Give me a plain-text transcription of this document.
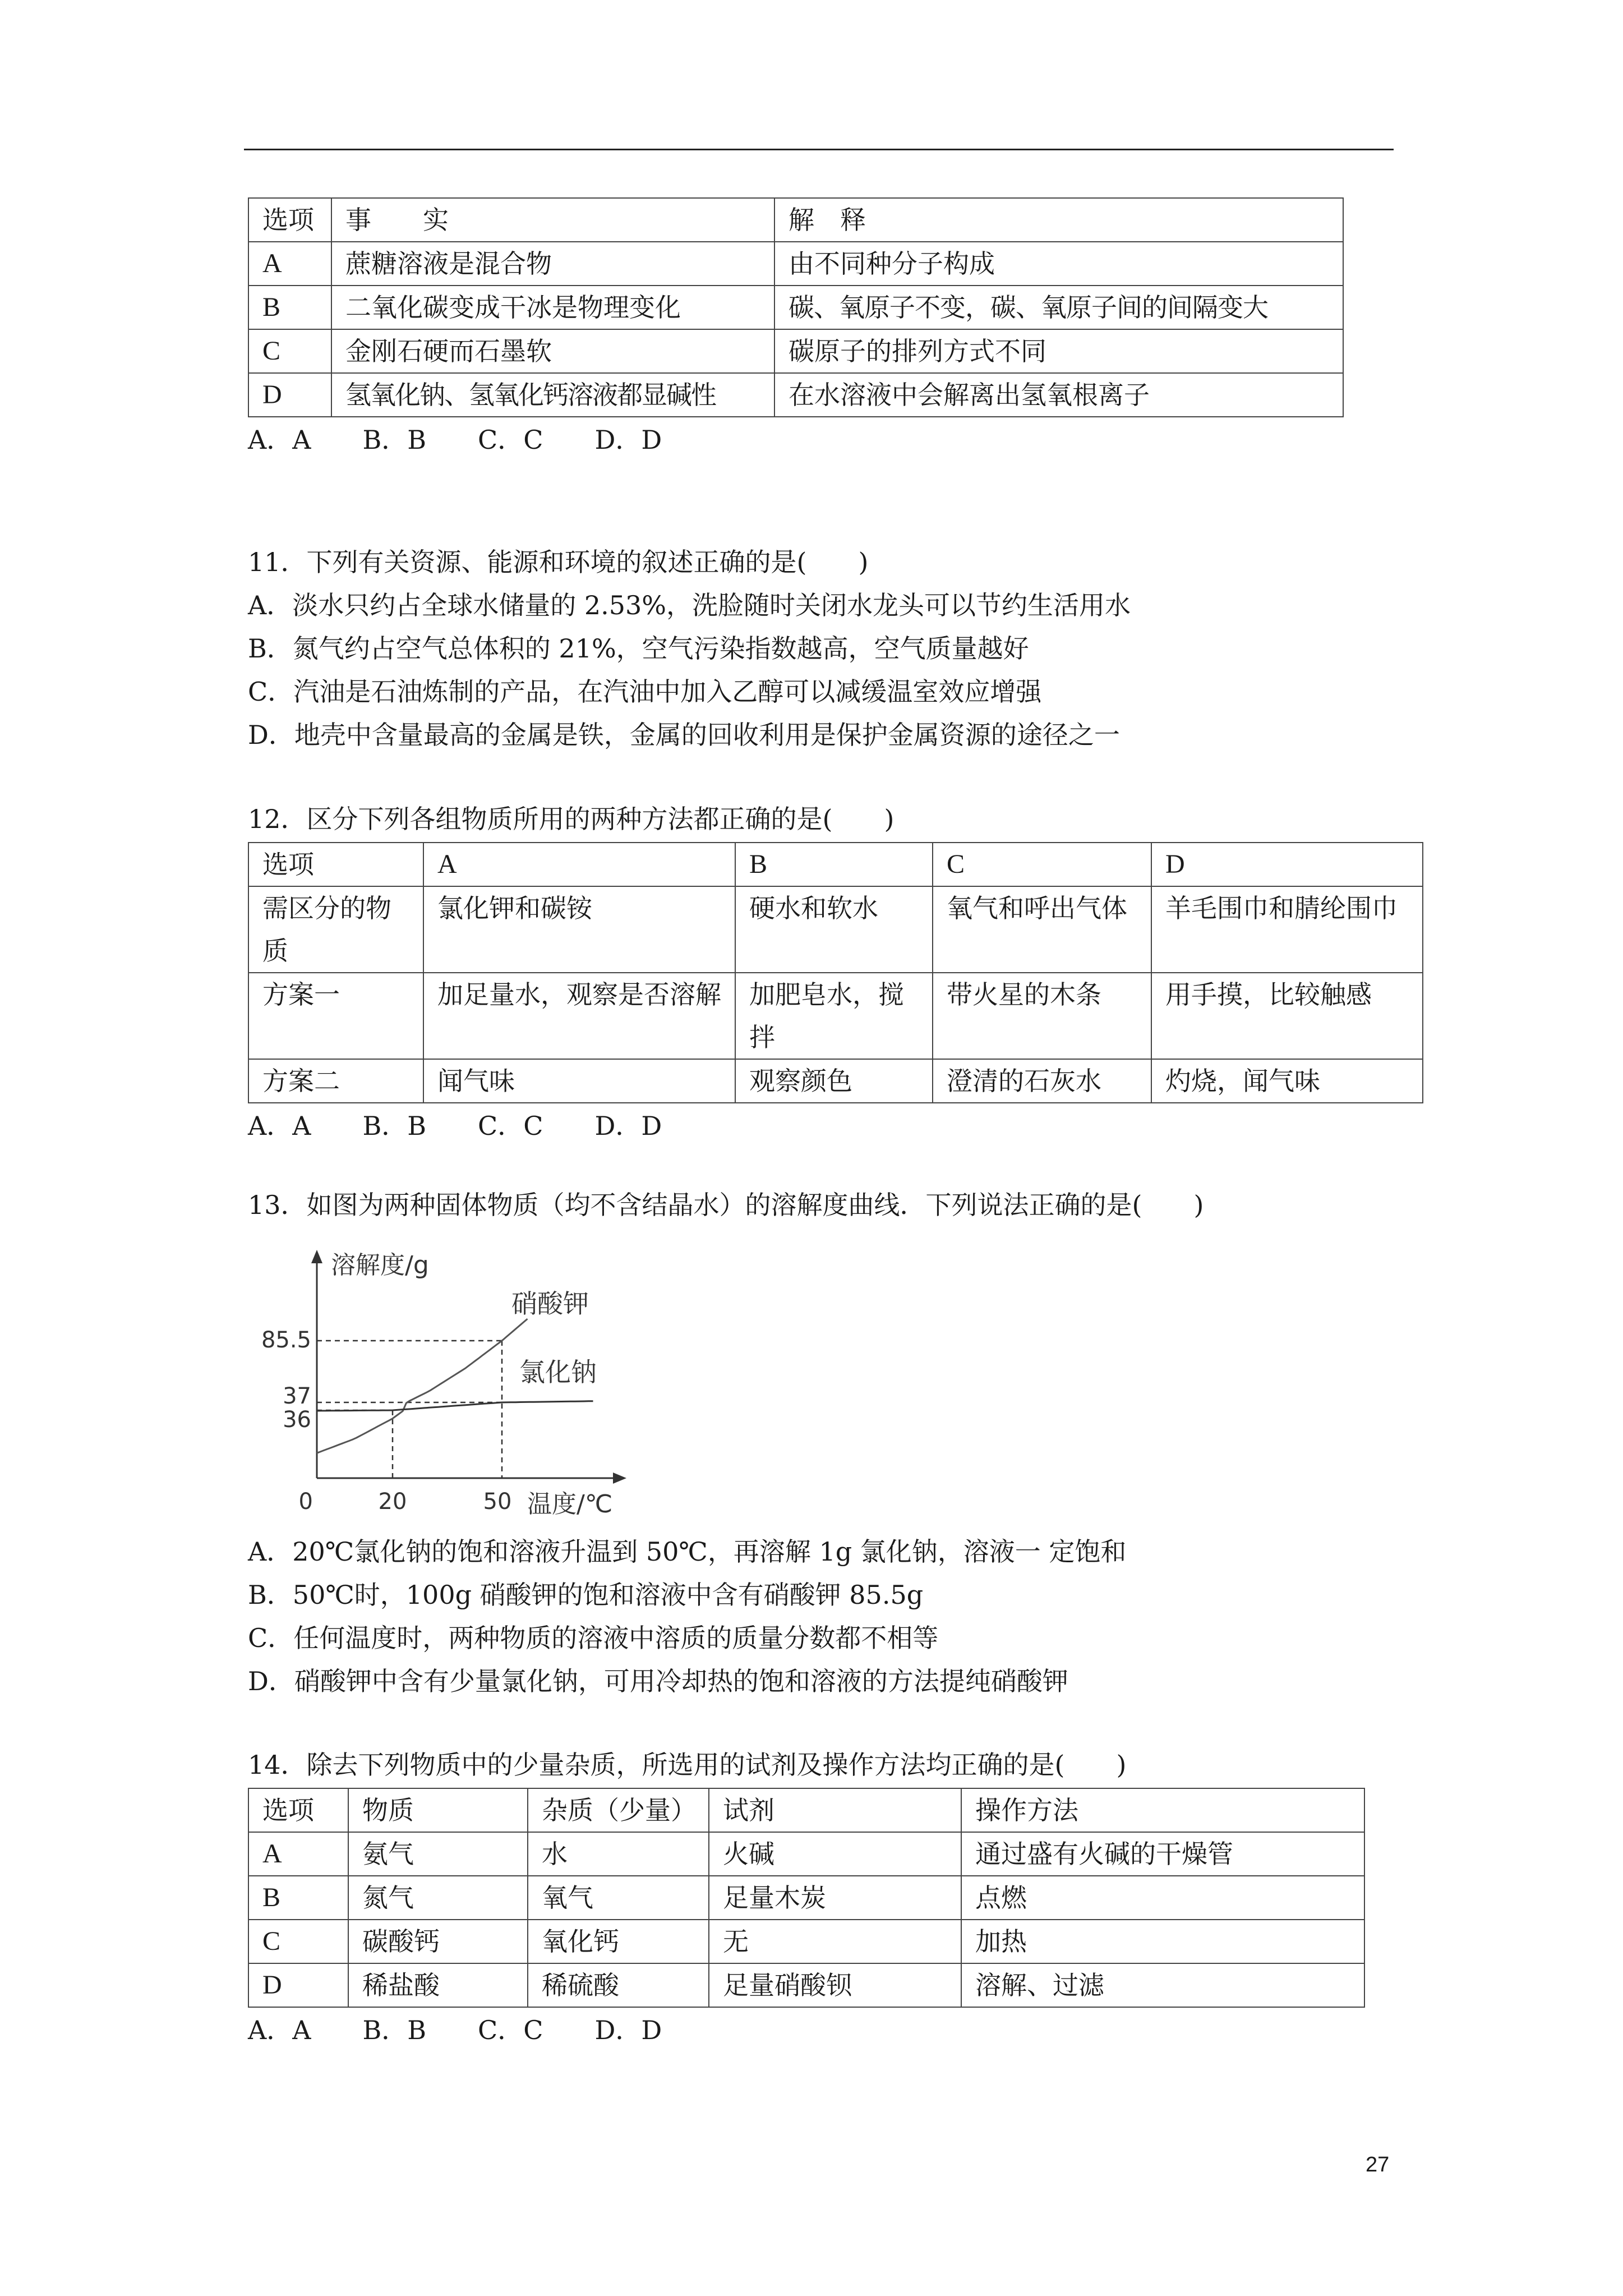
选项	事　　实	解　释
A	蔗糖溶液是混合物	由不同种分子构成
B	二氧化碳变成干冰是物理变化	碳、氧原子不变，碳、氧原子间的间隔变大
C	金刚石硬而石墨软	碳原子的排列方式不同
D	氢氧化钠、氢氧化钙溶液都显碱性	在水溶液中会解离出氢氧根离子
A．A　　B．B　　C．C　　D．D

11．下列有关资源、能源和环境的叙述正确的是(　　)

A．淡水只约占全球水储量的 2.53%，洗脸随时关闭水龙头可以节约生活用水

B．氮气约占空气总体积的 21%，空气污染指数越高，空气质量越好

C．汽油是石油炼制的产品，在汽油中加入乙醇可以减缓温室效应增强

D．地壳中含量最高的金属是铁，金属的回收利用是保护金属资源的途径之一

12．区分下列各组物质所用的两种方法都正确的是(　　)
选项	A	B	C	D
需区分的物质	氯化钾和碳铵	硬水和软水	氧气和呼出气体	羊毛围巾和腈纶围巾
方案一	加足量水，观察是否溶解	加肥皂水，搅拌	带火星的木条	用手摸，比较触感
方案二	闻气味	观察颜色	澄清的石灰水	灼烧，闻气味
A．A　　B．B　　C．C　　D．D

13．如图为两种固体物质（均不含结晶水）的溶解度曲线．下列说法正确的是(　　)

溶解度/g
温度/℃
0
85.5
37
36
20	50
硝酸钾
氯化钠

A．20℃氯化钠的饱和溶液升温到 50℃，再溶解 1g 氯化钠，溶液一 定饱和

B．50℃时，100g 硝酸钾的饱和溶液中含有硝酸钾 85.5g

C．任何温度时，两种物质的溶液中溶质的质量分数都不相等

D．硝酸钾中含有少量氯化钠，可用冷却热的饱和溶液的方法提纯硝酸钾

14．除去下列物质中的少量杂质，所选用的试剂及操作方法均正确的是(　　)
选项	物质	杂质（少量）	试剂	操作方法
A	氨气	水	火碱	通过盛有火碱的干燥管
B	氮气	氧气	足量木炭	点燃
C	碳酸钙	氧化钙	无	加热
D	稀盐酸	稀硫酸	足量硝酸钡	溶解、过滤
A．A　　B．B　　C．C　　D．D
27
